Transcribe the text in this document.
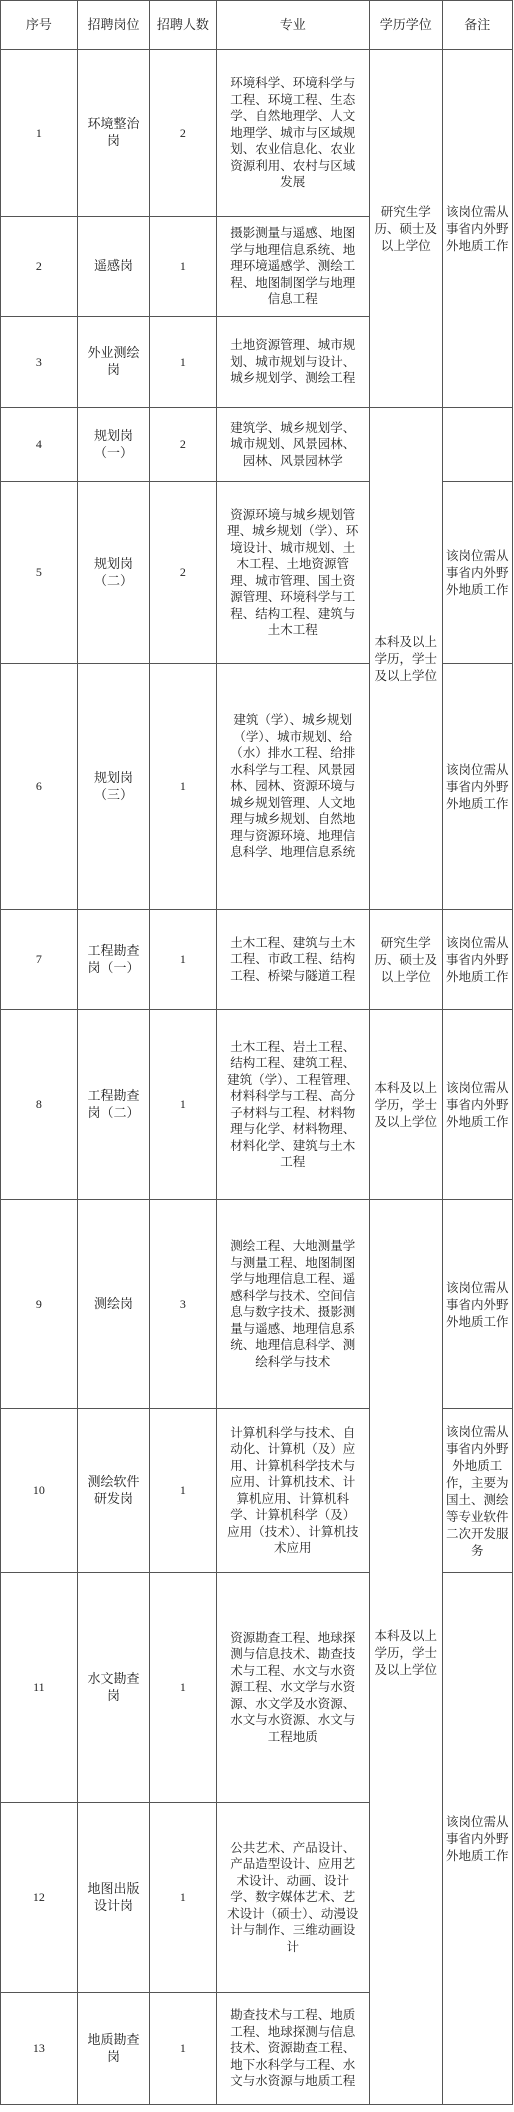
序号	招聘岗位	招聘人数	专业	学历学位	备注
1	环境整治岗	2	环境科学、环境科学与工程、环境工程、生态学、自然地理学、人文地理学、城市与区域规划、农业信息化、农业资源利用、农村与区域发展	研究生学历、硕士及以上学位	该岗位需从事省内外野外地质工作
2	遥感岗	1	摄影测量与遥感、地图学与地理信息系统、地理环境遥感学、测绘工程、地图制图学与地理信息工程		
3	外业测绘岗	1	土地资源管理、城市规划、城市规划与设计、城乡规划学、测绘工程		
4	规划岗（一）	2	建筑学、城乡规划学、城市规划、风景园林、园林、风景园林学	本科及以上学历，学士及以上学位	
5	规划岗（二）	2	资源环境与城乡规划管理、城乡规划（学）、环境设计、城市规划、土木工程、土地资源管理、城市管理、国土资源管理、环境科学与工程、结构工程、建筑与土木工程		该岗位需从事省内外野外地质工作
6	规划岗（三）	1	建筑（学）、城乡规划（学）、城市规划、给（水）排水工程、给排水科学与工程、风景园林、园林、资源环境与城乡规划管理、人文地理与城乡规划、自然地理与资源环境、地理信息科学、地理信息系统		该岗位需从事省内外野外地质工作
7	工程勘查岗（一）	1	土木工程、建筑与土木工程、市政工程、结构工程、桥梁与隧道工程	研究生学历、硕士及以上学位	该岗位需从事省内外野外地质工作
8	工程勘查岗（二）	1	土木工程、岩土工程、结构工程、建筑工程、建筑（学）、工程管理、材料科学与工程、高分子材料与工程、材料物理与化学、材料物理、材料化学、建筑与土木工程	本科及以上学历，学士及以上学位	该岗位需从事省内外野外地质工作
9	测绘岗	3	测绘工程、大地测量学与测量工程、地图制图学与地理信息工程、遥感科学与技术、空间信息与数字技术、摄影测量与遥感、地理信息系统、地理信息科学、测绘科学与技术	本科及以上学历，学士及以上学位	该岗位需从事省内外野外地质工作
10	测绘软件研发岗	1	计算机科学与技术、自动化、计算机（及）应用、计算机科学技术与应用、计算机技术、计算机应用、计算机科学、计算机科学（及）应用（技术）、计算机技术应用		该岗位需从事省内外野外地质工作，主要为国土、测绘等专业软件二次开发服务
11	水文勘查岗	1	资源勘查工程、地球探测与信息技术、勘查技术与工程、水文与水资源工程、水文学与水资源、水文学及水资源、水文与水资源、水文与工程地质		该岗位需从事省内外野外地质工作
12	地图出版设计岗	1	公共艺术、产品设计、产品造型设计、应用艺术设计、动画、设计学、数字媒体艺术、艺术设计（硕士）、动漫设计与制作、三维动画设计		
13	地质勘查岗	1	勘查技术与工程、地质工程、地球探测与信息技术、资源勘查工程、地下水科学与工程、水文与水资源与地质工程		
